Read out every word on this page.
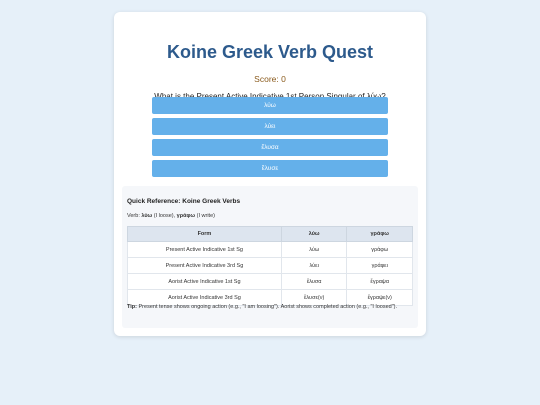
Koine Greek Verb Quest
Score: 0
λύω
λύει
ἔλυσα
ἔλυσε
Quick Reference: Koine Greek Verbs
Verb: λύω (I loose), γράφω (I write)
Form	λύω	γράφω
Present Active Indicative 1st Sg	λύω	γράφω
Present Active Indicative 3rd Sg	λύει	γράφει
Aorist Active Indicative 1st Sg	ἔλυσα	ἔγραψα
Aorist Active Indicative 3rd Sg	ἔλυσε(ν)	ἔγραψε(ν)
Tip: Present tense shows ongoing action (e.g., "I am loosing"). Aorist shows completed action (e.g., "I loosed").
